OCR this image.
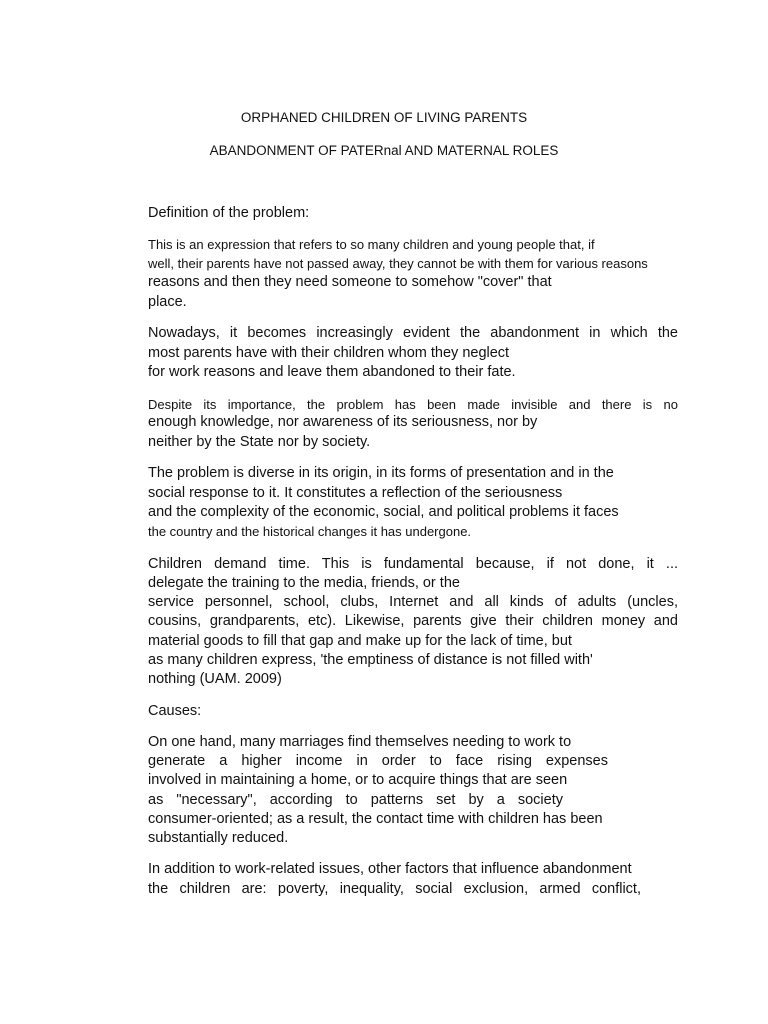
ORPHANED CHILDREN OF LIVING PARENTS
ABANDONMENT OF PATERnal AND MATERNAL ROLES
Definition of the problem:
This is an expression that refers to so many children and young people that, if
well, their parents have not passed away, they cannot be with them for various reasons
reasons and then they need someone to somehow "cover" that
place.
Nowadays, it becomes increasingly evident the abandonment in which the
most parents have with their children whom they neglect
for work reasons and leave them abandoned to their fate.
Despite its importance, the problem has been made invisible and there is no
enough knowledge, nor awareness of its seriousness, nor by
neither by the State nor by society.
The problem is diverse in its origin, in its forms of presentation and in the
social response to it. It constitutes a reflection of the seriousness
and the complexity of the economic, social, and political problems it faces
the country and the historical changes it has undergone.
Children demand time. This is fundamental because, if not done, it ...
delegate the training to the media, friends, or the
service personnel, school, clubs, Internet and all kinds of adults (uncles,
cousins, grandparents, etc). Likewise, parents give their children money and
material goods to fill that gap and make up for the lack of time, but
as many children express, 'the emptiness of distance is not filled with'
nothing (UAM. 2009)
Causes:
On one hand, many marriages find themselves needing to work to
generate a higher income in order to face rising expenses
involved in maintaining a home, or to acquire things that are seen
as "necessary", according to patterns set by a society
consumer-oriented; as a result, the contact time with children has been
substantially reduced.
In addition to work-related issues, other factors that influence abandonment
the children are: poverty, inequality, social exclusion, armed conflict,
